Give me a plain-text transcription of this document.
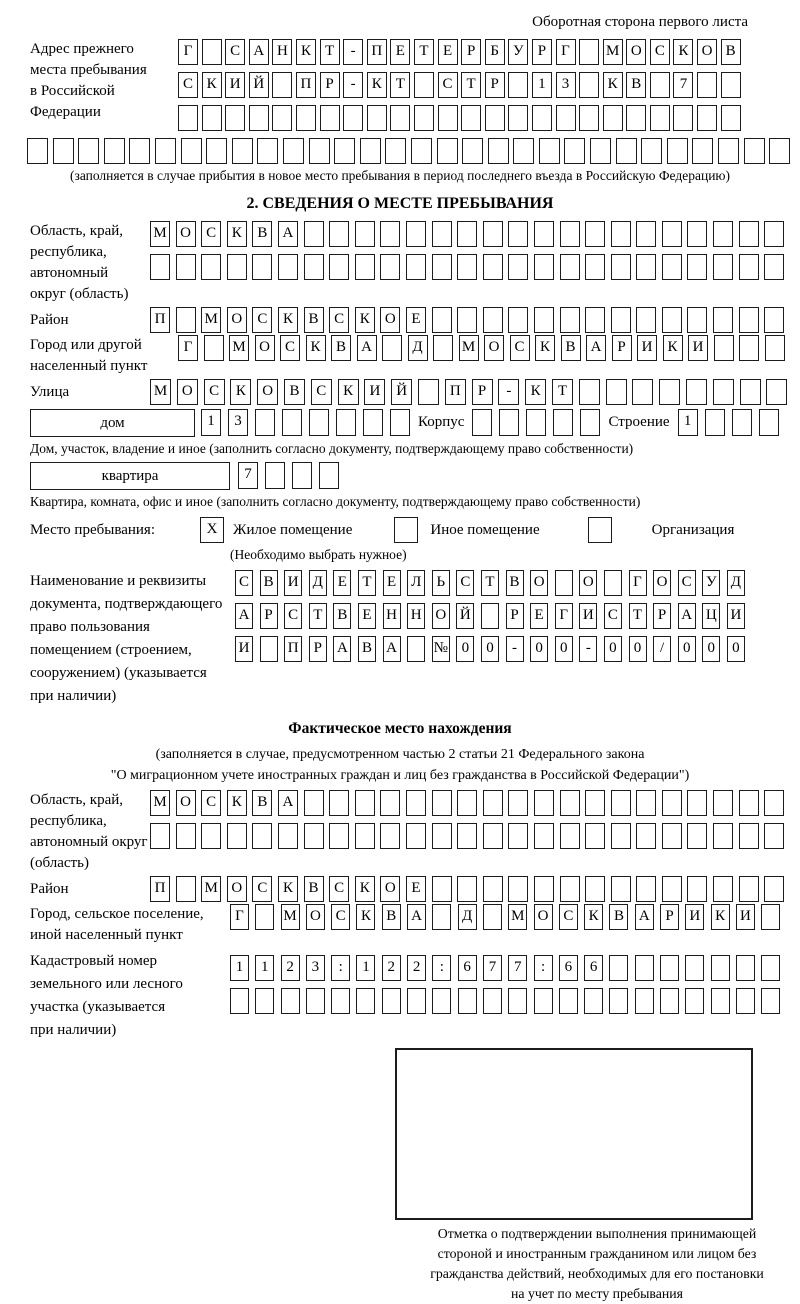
Оборотная сторона первого листа
Адрес прежнего
места пребывания
в Российской
Федерации
Г	С А Н К Т	-	П Е Т Е Р	Б У Р	Г	М О С К О В
С К И Й	П Р	-	К Т	С Т Р	1	3	К В	7
(заполняется в случае прибытия в новое место пребывания в период последнего въезда в Российскую Федерацию)
2. СВЕДЕНИЯ О МЕСТЕ ПРЕБЫВАНИЯ
Область, край,
республика,
автономный
округ (область)
М О	С	К	В	А
Район	П	М О	С	К	В	С	К	О	Е
Город или другой
населенный пункт
Г	М О	С	К	В	А	Д	М О	С	К	В	А	Р	И	К	И
Улица	М О	С	К	О	В	С	К	И	Й	П	Р	-	К	Т
дом	1	3	Корпус	Строение 1
Дом, участок, владение и иное (заполнить согласно документу, подтверждающему право собственности)
квартира	7
Квартира, комната, офис и иное (заполнить согласно документу, подтверждающему право собственности)
Место пребывания:	X	Жилое помещение	Иное помещение	Организация
(Необходимо выбрать нужное)
Наименование и реквизиты
документа, подтверждающего
право пользования
помещением (строением,
сооружением) (указывается
при наличии)
С В И Д Е Т Е Л	Ь	С Т В О	О	Г О С У Д
А	Р	С Т В Е Н Н О Й	Р	Е	Г И С Т	Р	А Ц И
И	П	Р	А В А № 0	0	-	0	0	-	0	0	/	0	0	0
Фактическое место нахождения
(заполняется в случае, предусмотренном частью 2 статьи 21 Федерального закона
"О миграционном учете иностранных граждан и лиц без гражданства в Российской Федерации")
Область, край,
республика,
автономный округ
(область)
М О	С	К	В	А
Район	П	М О	С	К	В	С	К	О	Е
Город, сельское поселение,
иной населенный пункт
Г	М О С	К	В А	Д	М О С	К	В А	Р	И К И
Кадастровый номер
земельного или лесного
участка (указывается
при наличии)
1	1	2	3	:	1	2	2	:	6	7	7	:	6	6
Отметка о подтверждении выполнения принимающей
стороной и иностранным гражданином или лицом без
гражданства действий, необходимых для его постановки
на учет по месту пребывания
